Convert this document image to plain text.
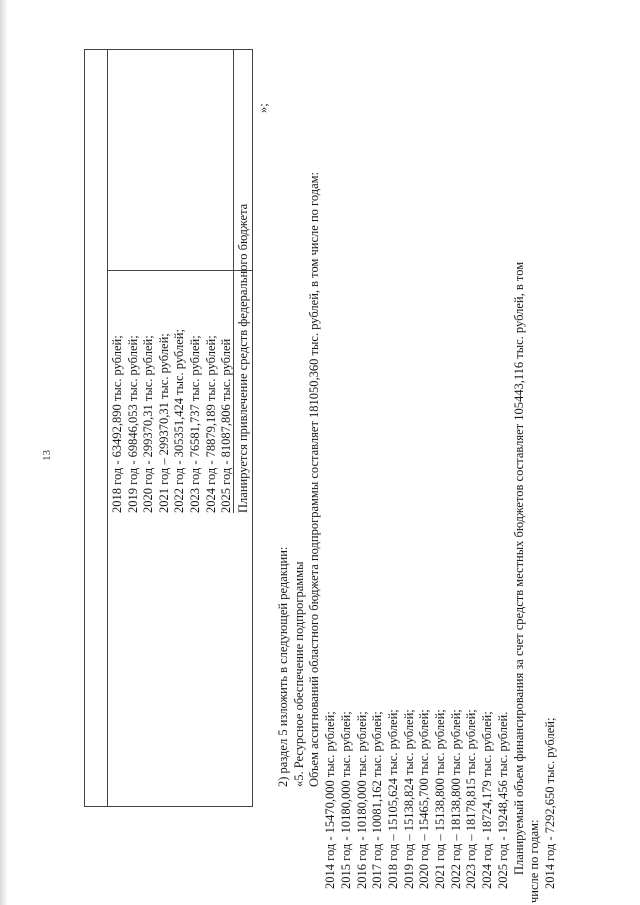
13	2018 год - 63492,890 тыс. рублей; 2019 год - 69846,053 тыс. рублей; 2020 год - 299370,31 тыс. рублей; 2021 год – 299370,31 тыс. рублей; 2022 год - 305351,424 тыс. рублей; 2023 год - 76581,737 тыс. рублей; 2024 год - 78879,189 тыс. рублей; 2025 год - 81087,806 тыс. рублей Планируется привлечение средств федерального бюджета
»;
2) раздел 5 изложить в следующей редакции: «5. Ресурсное обеспечение подпрограммы Объем ассигнований областного бюджета подпрограммы составляет 181050,360 тыс. рублей, в том числе по годам:
2014 год - 15470,000 тыс. рублей; 2015 год - 10180,000 тыс. рублей; 2016 год - 10180,000 тыс. рублей; 2017 год - 10081,162 тыс. рублей; 2018 год – 15105,624 тыс. рублей; 2019 год – 15138,824 тыс. рублей; 2020 год – 15465,700 тыс. рублей; 2021 год – 15138,800 тыс. рублей; 2022 год – 18138,800 тыс. рублей; 2023 год – 18178,815 тыс. рублей; 2024 год - 18724,179 тыс. рублей; 2025 год - 19248,456 тыс. рублей. Планируемый объем финансирования за счет средств местных бюджетов составляет 105443,116 тыс. рублей, в том числе по годам: 2014 год - 7292,650 тыс. рублей;
